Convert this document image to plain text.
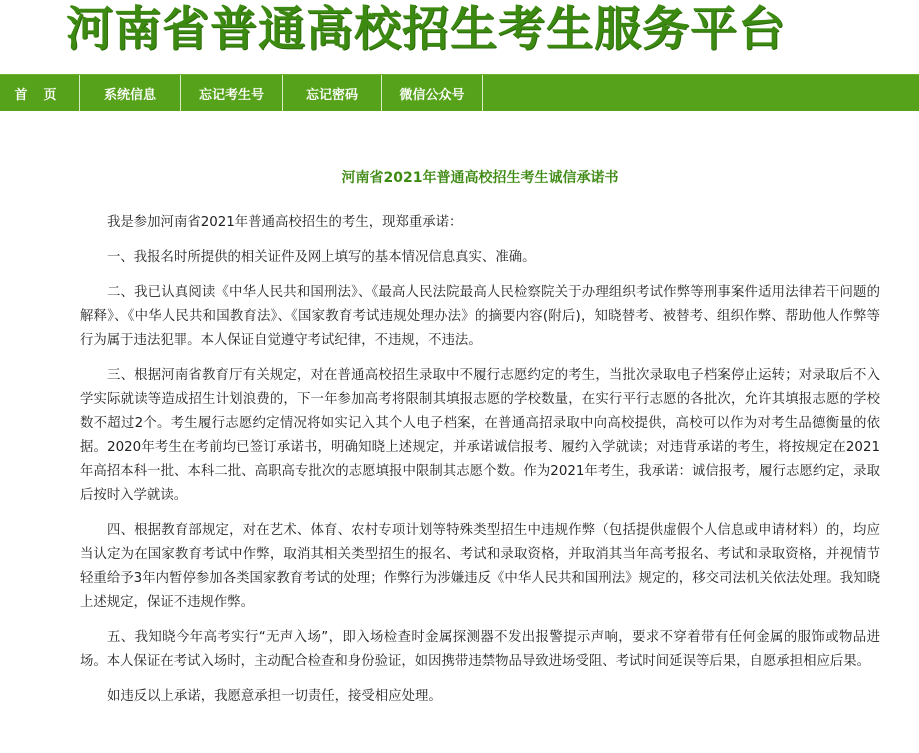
河南省普通高校招生考生服务平台
首页	系统信息	忘记考生号	忘记密码	微信公众号
河南省2021年普通高校招生考生诚信承诺书

我是参加河南省2021年普通高校招生的考生，现郑重承诺：

一、我报名时所提供的相关证件及网上填写的基本情况信息真实、准确。

二、我已认真阅读《中华人民共和国刑法》、《最高人民法院最高人民检察院关于办理组织考试作弊等刑事案件适用法律若干问题的解释》、《中华人民共和国教育法》、《国家教育考试违规处理办法》的摘要内容(附后)，知晓替考、被替考、组织作弊、帮助他人作弊等行为属于违法犯罪。本人保证自觉遵守考试纪律，不违规，不违法。

三、根据河南省教育厅有关规定，对在普通高校招生录取中不履行志愿约定的考生，当批次录取电子档案停止运转；对录取后不入学实际就读等造成招生计划浪费的，下一年参加高考将限制其填报志愿的学校数量，在实行平行志愿的各批次，允许其填报志愿的学校数不超过2个。考生履行志愿约定情况将如实记入其个人电子档案，在普通高招录取中向高校提供，高校可以作为对考生品德衡量的依据。2020年考生在考前均已签订承诺书，明确知晓上述规定，并承诺诚信报考、履约入学就读；对违背承诺的考生，将按规定在2021年高招本科一批、本科二批、高职高专批次的志愿填报中限制其志愿个数。作为2021年考生，我承诺：诚信报考，履行志愿约定，录取后按时入学就读。

四、根据教育部规定，对在艺术、体育、农村专项计划等特殊类型招生中违规作弊（包括提供虚假个人信息或申请材料）的，均应当认定为在国家教育考试中作弊，取消其相关类型招生的报名、考试和录取资格，并取消其当年高考报名、考试和录取资格，并视情节轻重给予3年内暂停参加各类国家教育考试的处理；作弊行为涉嫌违反《中华人民共和国刑法》规定的，移交司法机关依法处理。我知晓上述规定，保证不违规作弊。

五、我知晓今年高考实行“无声入场”，即入场检查时金属探测器不发出报警提示声响，要求不穿着带有任何金属的服饰或物品进场。本人保证在考试入场时，主动配合检查和身份验证，如因携带违禁物品导致进场受阻、考试时间延误等后果，自愿承担相应后果。

如违反以上承诺，我愿意承担一切责任，接受相应处理。
